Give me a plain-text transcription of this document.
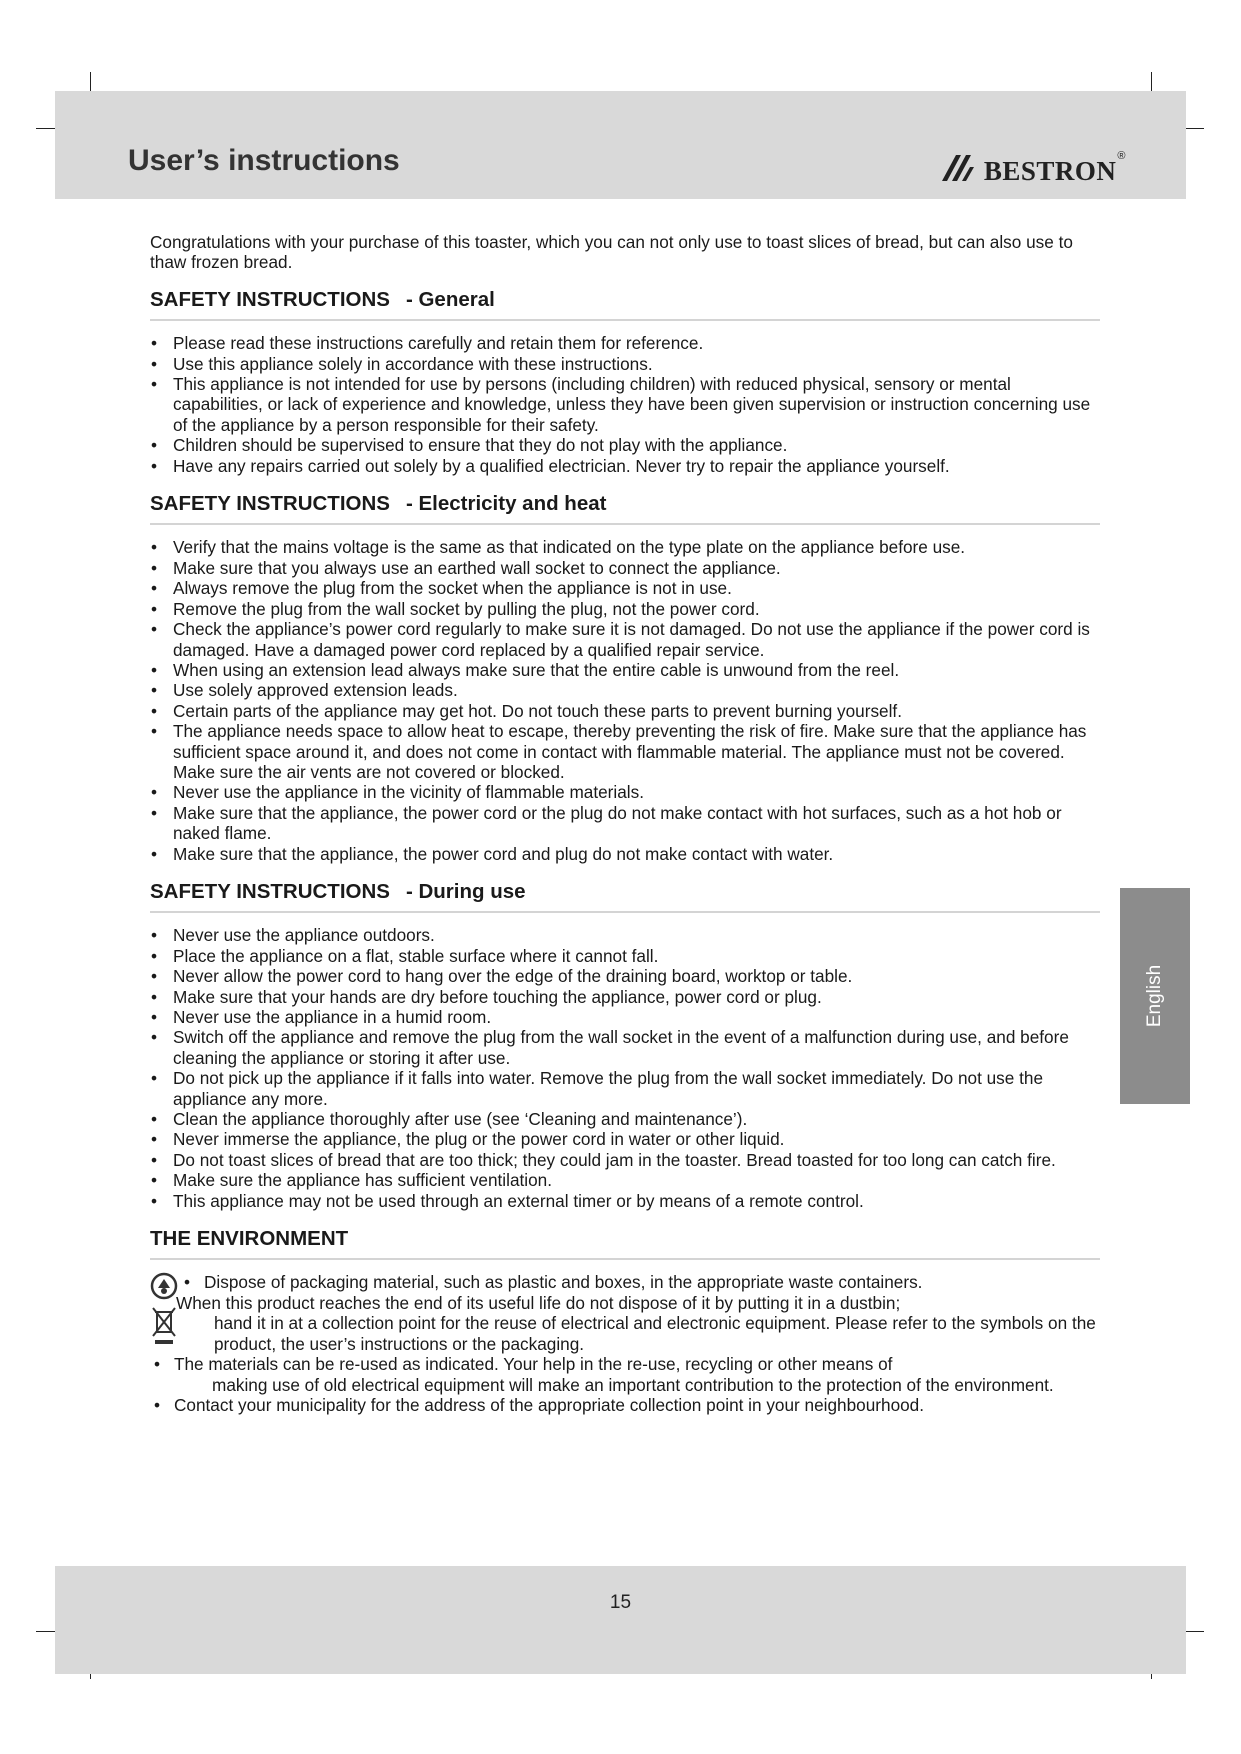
User’s instructions	bestron ®

Congratulations with your purchase of this toaster, which you can not only use to toast slices of bread, but can also use to thaw frozen bread.

SAFETY INSTRUCTIONS - General
• Please read these instructions carefully and retain them for reference.
• Use this appliance solely in accordance with these instructions.
• This appliance is not intended for use by persons (including children) with reduced physical, sensory or mental capabilities, or lack of experience and knowledge, unless they have been given supervision or instruction concerning use of the appliance by a person responsible for their safety.
• Children should be supervised to ensure that they do not play with the appliance.
• Have any repairs carried out solely by a qualified electrician. Never try to repair the appliance yourself.
SAFETY INSTRUCTIONS - Electricity and heat
• Verify that the mains voltage is the same as that indicated on the type plate on the appliance before use.
• Make sure that you always use an earthed wall socket to connect the appliance.
• Always remove the plug from the socket when the appliance is not in use.
• Remove the plug from the wall socket by pulling the plug, not the power cord.
• Check the appliance’s power cord regularly to make sure it is not damaged. Do not use the appliance if the power cord is damaged. Have a damaged power cord replaced by a qualified repair service.
• When using an extension lead always make sure that the entire cable is unwound from the reel.
• Use solely approved extension leads.
• Certain parts of the appliance may get hot. Do not touch these parts to prevent burning yourself.
• The appliance needs space to allow heat to escape, thereby preventing the risk of fire. Make sure that the appliance has sufficient space around it, and does not come in contact with flammable material. The appliance must not be covered. Make sure the air vents are not covered or blocked.
• Never use the appliance in the vicinity of flammable materials.
• Make sure that the appliance, the power cord or the plug do not make contact with hot surfaces, such as a hot hob or naked flame.
• Make sure that the appliance, the power cord and plug do not make contact with water.
SAFETY INSTRUCTIONS - During use
• Never use the appliance outdoors.
• Place the appliance on a flat, stable surface where it cannot fall.
• Never allow the power cord to hang over the edge of the draining board, worktop or table.
• Make sure that your hands are dry before touching the appliance, power cord or plug.
• Never use the appliance in a humid room.
• Switch off the appliance and remove the plug from the wall socket in the event of a malfunction during use, and before cleaning the appliance or storing it after use.
• Do not pick up the appliance if it falls into water. Remove the plug from the wall socket immediately. Do not use the appliance any more.
• Clean the appliance thoroughly after use (see ‘Cleaning and maintenance’).
• Never immerse the appliance, the plug or the power cord in water or other liquid.
• Do not toast slices of bread that are too thick; they could jam in the toaster. Bread toasted for too long can catch fire.
• Make sure the appliance has sufficient ventilation.
• This appliance may not be used through an external timer or by means of a remote control.
THE ENVIRONMENT
• Dispose of packaging material, such as plastic and boxes, in the appropriate waste containers.
When this product reaches the end of its useful life do not dispose of it by putting it in a dustbin;
hand it in at a collection point for the reuse of electrical and electronic equipment. Please refer to the symbols on the product, the user’s instructions or the packaging.
• The materials can be re-used as indicated. Your help in the re-use, recycling or other means of
making use of old electrical equipment will make an important contribution to the protection of the environment.
• Contact your municipality for the address of the appropriate collection point in your neighbourhood.
English
15
